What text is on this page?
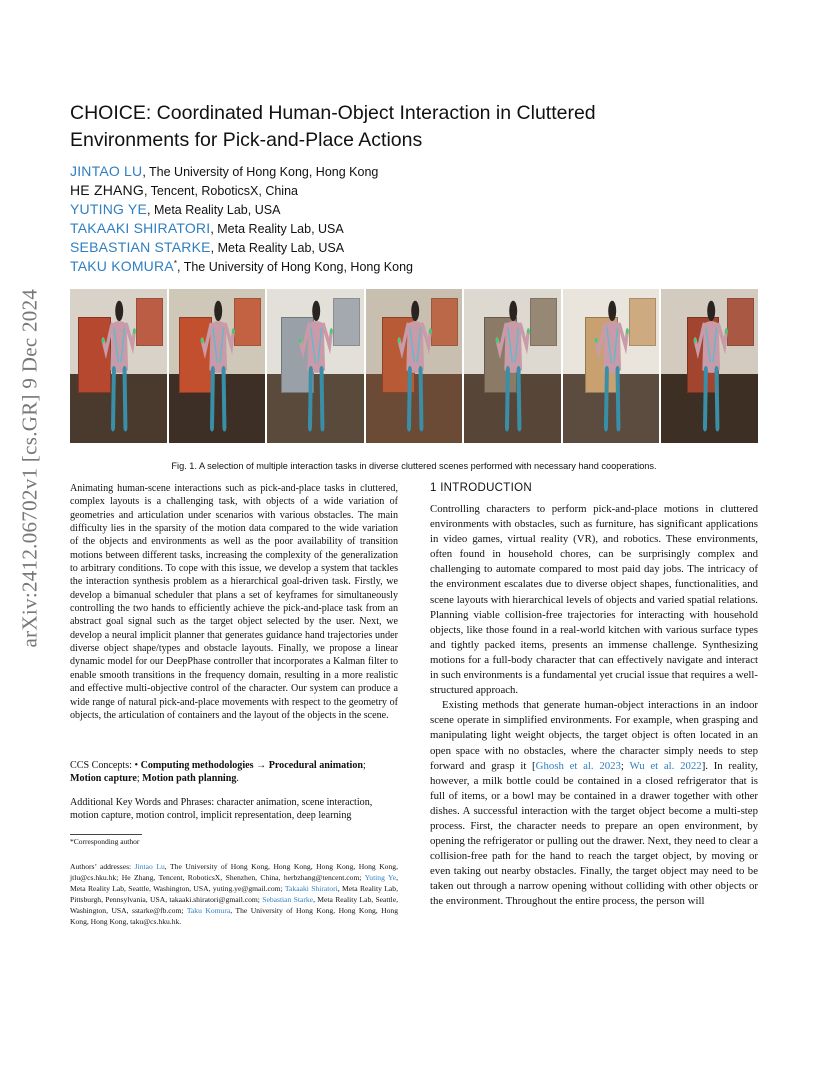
arXiv:2412.06702v1 [cs.GR] 9 Dec 2024
CHOICE: Coordinated Human-Object Interaction in Cluttered Environments for Pick-and-Place Actions
JINTAO LU, The University of Hong Kong, Hong Kong
HE ZHANG, Tencent, RoboticsX, China
YUTING YE, Meta Reality Lab, USA
TAKAAKI SHIRATORI, Meta Reality Lab, USA
SEBASTIAN STARKE, Meta Reality Lab, USA
TAKU KOMURA*, The University of Hong Kong, Hong Kong
Fig. 1. A selection of multiple interaction tasks in diverse cluttered scenes performed with necessary hand cooperations.
Animating human-scene interactions such as pick-and-place tasks in cluttered, complex layouts is a challenging task, with objects of a wide variation of geometries and articulation under scenarios with various obstacles. The main difficulty lies in the sparsity of the motion data compared to the wide variation of the objects and environments as well as the poor availability of transition motions between different tasks, increasing the complexity of the generalization to arbitrary conditions. To cope with this issue, we develop a system that tackles the interaction synthesis problem as a hierarchical goal-driven task. Firstly, we develop a bimanual scheduler that plans a set of keyframes for simultaneously controlling the two hands to efficiently achieve the pick-and-place task from an abstract goal signal such as the target object selected by the user. Next, we develop a neural implicit planner that generates guidance hand trajectories under diverse object shape/types and obstacle layouts. Finally, we propose a linear dynamic model for our DeepPhase controller that incorporates a Kalman filter to enable smooth transitions in the frequency domain, resulting in a more realistic and effective multi-objective control of the character. Our system can produce a wide range of natural pick-and-place movements with respect to the geometry of objects, the articulation of containers and the layout of the objects in the scene.
CCS Concepts: • Computing methodologies → Procedural animation; Motion capture; Motion path planning.
Additional Key Words and Phrases: character animation, scene interaction, motion capture, motion control, implicit representation, deep learning
*Corresponding author
Authors’ addresses: Jintao Lu, The University of Hong Kong, Hong Kong, Hong Kong, Hong Kong, jtlu@cs.hku.hk; He Zhang, Tencent, RoboticsX, Shenzhen, China, herbzhang@tencent.com; Yuting Ye, Meta Reality Lab, Seattle, Washington, USA, yuting.ye@gmail.com; Takaaki Shiratori, Meta Reality Lab, Pittsburgh, Pennsylvania, USA, takaaki.shiratori@gmail.com; Sebastian Starke, Meta Reality Lab, Seattle, Washington, USA, sstarke@fb.com; Taku Komura, The University of Hong Kong, Hong Kong, Hong Kong, Hong Kong, taku@cs.hku.hk.
1 INTRODUCTION

Controlling characters to perform pick-and-place motions in cluttered environments with obstacles, such as furniture, has significant applications in video games, virtual reality (VR), and robotics. These environments, often found in household chores, can be surprisingly complex and challenging to automate compared to most paid day jobs. The intricacy of the environment escalates due to diverse object shapes, functionalities, and scene layouts with hierarchical levels of objects and varied spatial relations. Planning viable collision-free trajectories for interacting with household objects, like those found in a real-world kitchen with various surface types and tightly packed items, presents an immense challenge. Synthesizing motions for a full-body character that can effectively navigate and interact in such environments is a fundamental yet crucial issue that requires a well-structured approach.

Existing methods that generate human-object interactions in an indoor scene operate in simplified environments. For example, when grasping and manipulating light weight objects, the target object is often located in an open space with no obstacles, where the character simply needs to step forward and grasp it [Ghosh et al. 2023; Wu et al. 2022]. In reality, however, a milk bottle could be contained in a closed refrigerator that is full of items, or a bowl may be contained in a drawer together with other dishes. A successful interaction with the target object become a multi-step process. First, the character needs to prepare an open environment, by opening the refrigerator or pulling out the drawer. Next, they need to clear a collision-free path for the hand to reach the target object, by moving or even taking out nearby obstacles. Finally, the target object may need to be taken out through a narrow opening without colliding with other objects or the environment. Throughout the entire process, the person will
